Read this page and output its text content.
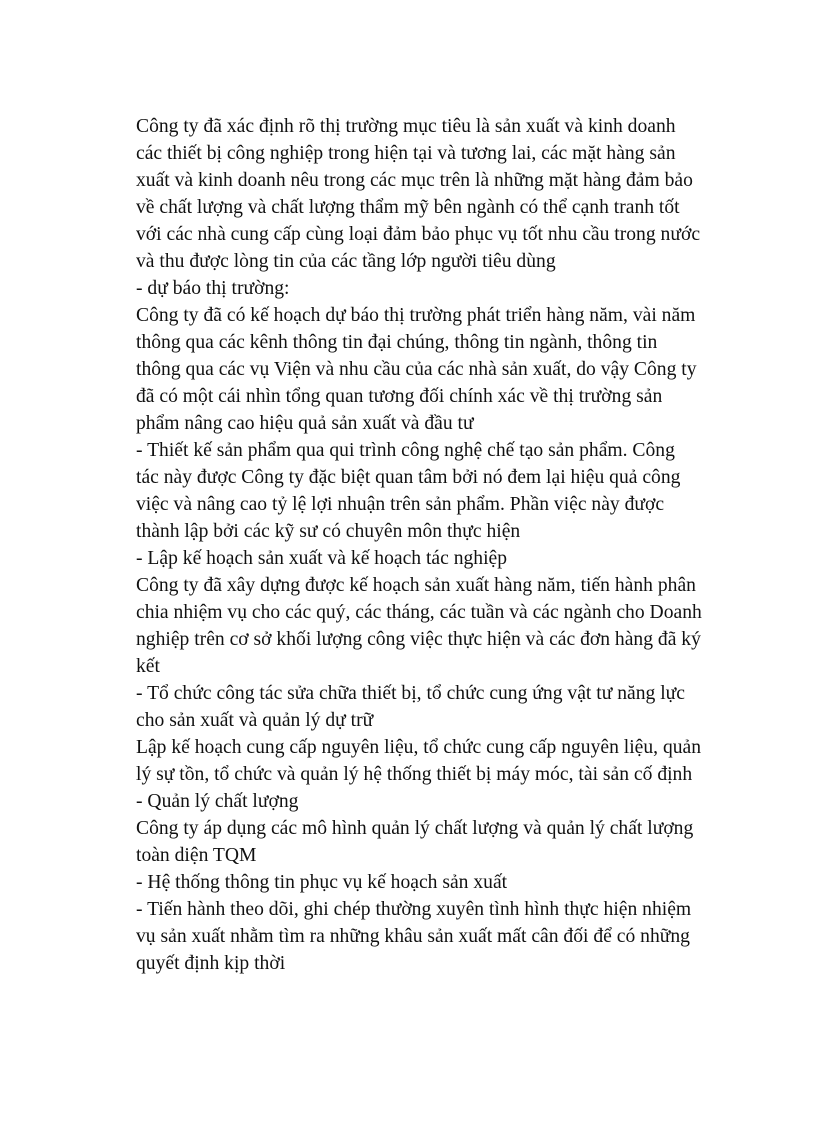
Công ty đã xác định rõ thị trường mục tiêu là sản xuất và kinh doanh
các thiết bị công nghiệp trong hiện tại và tương lai, các mặt hàng sản
xuất và kinh doanh nêu trong các mục trên là những mặt hàng đảm bảo
về chất lượng và chất lượng thẩm mỹ bên ngành có thể cạnh tranh tốt
với các nhà cung cấp cùng loại đảm bảo phục vụ tốt nhu cầu trong nước
và thu được lòng tin của các tầng lớp người tiêu dùng
- dự báo thị trường:
Công ty đã có kế hoạch dự báo thị trường phát triển hàng năm, vài năm
thông qua các kênh thông tin đại chúng, thông tin ngành, thông tin
thông qua các vụ Viện và nhu cầu của các nhà sản xuất, do vậy Công ty
đã có một cái nhìn tổng quan tương đối chính xác về thị trường sản
phẩm nâng cao hiệu quả sản xuất và đầu tư
- Thiết kế sản phẩm qua qui trình công nghệ chế tạo sản phẩm. Công
tác này được Công ty đặc biệt quan tâm bởi nó đem lại hiệu quả công
việc và nâng cao tỷ lệ lợi nhuận trên sản phẩm. Phần việc này được
thành lập bởi các kỹ sư có chuyên môn thực hiện
- Lập kế hoạch sản xuất và kế hoạch tác nghiệp
Công ty đã xây dựng được kế hoạch sản xuất hàng năm, tiến hành phân
chia nhiệm vụ cho các quý, các tháng, các tuần và các ngành cho Doanh
nghiệp trên cơ sở khối lượng công việc thực hiện và các đơn hàng đã ký
kết
- Tổ chức công tác sửa chữa thiết bị, tổ chức cung ứng vật tư năng lực
cho sản xuất và quản lý dự trữ
Lập kế hoạch cung cấp nguyên liệu, tổ chức cung cấp nguyên liệu, quản
lý sự tồn, tổ chức và quản lý hệ thống thiết bị máy móc, tài sản cố định
- Quản lý chất lượng
Công ty áp dụng các mô hình quản lý chất lượng và quản lý chất lượng
toàn diện TQM
- Hệ thống thông tin phục vụ kế hoạch sản xuất
- Tiến hành theo dõi, ghi chép thường xuyên tình hình thực hiện nhiệm
vụ sản xuất nhằm tìm ra những khâu sản xuất mất cân đối để có những
quyết định kịp thời
